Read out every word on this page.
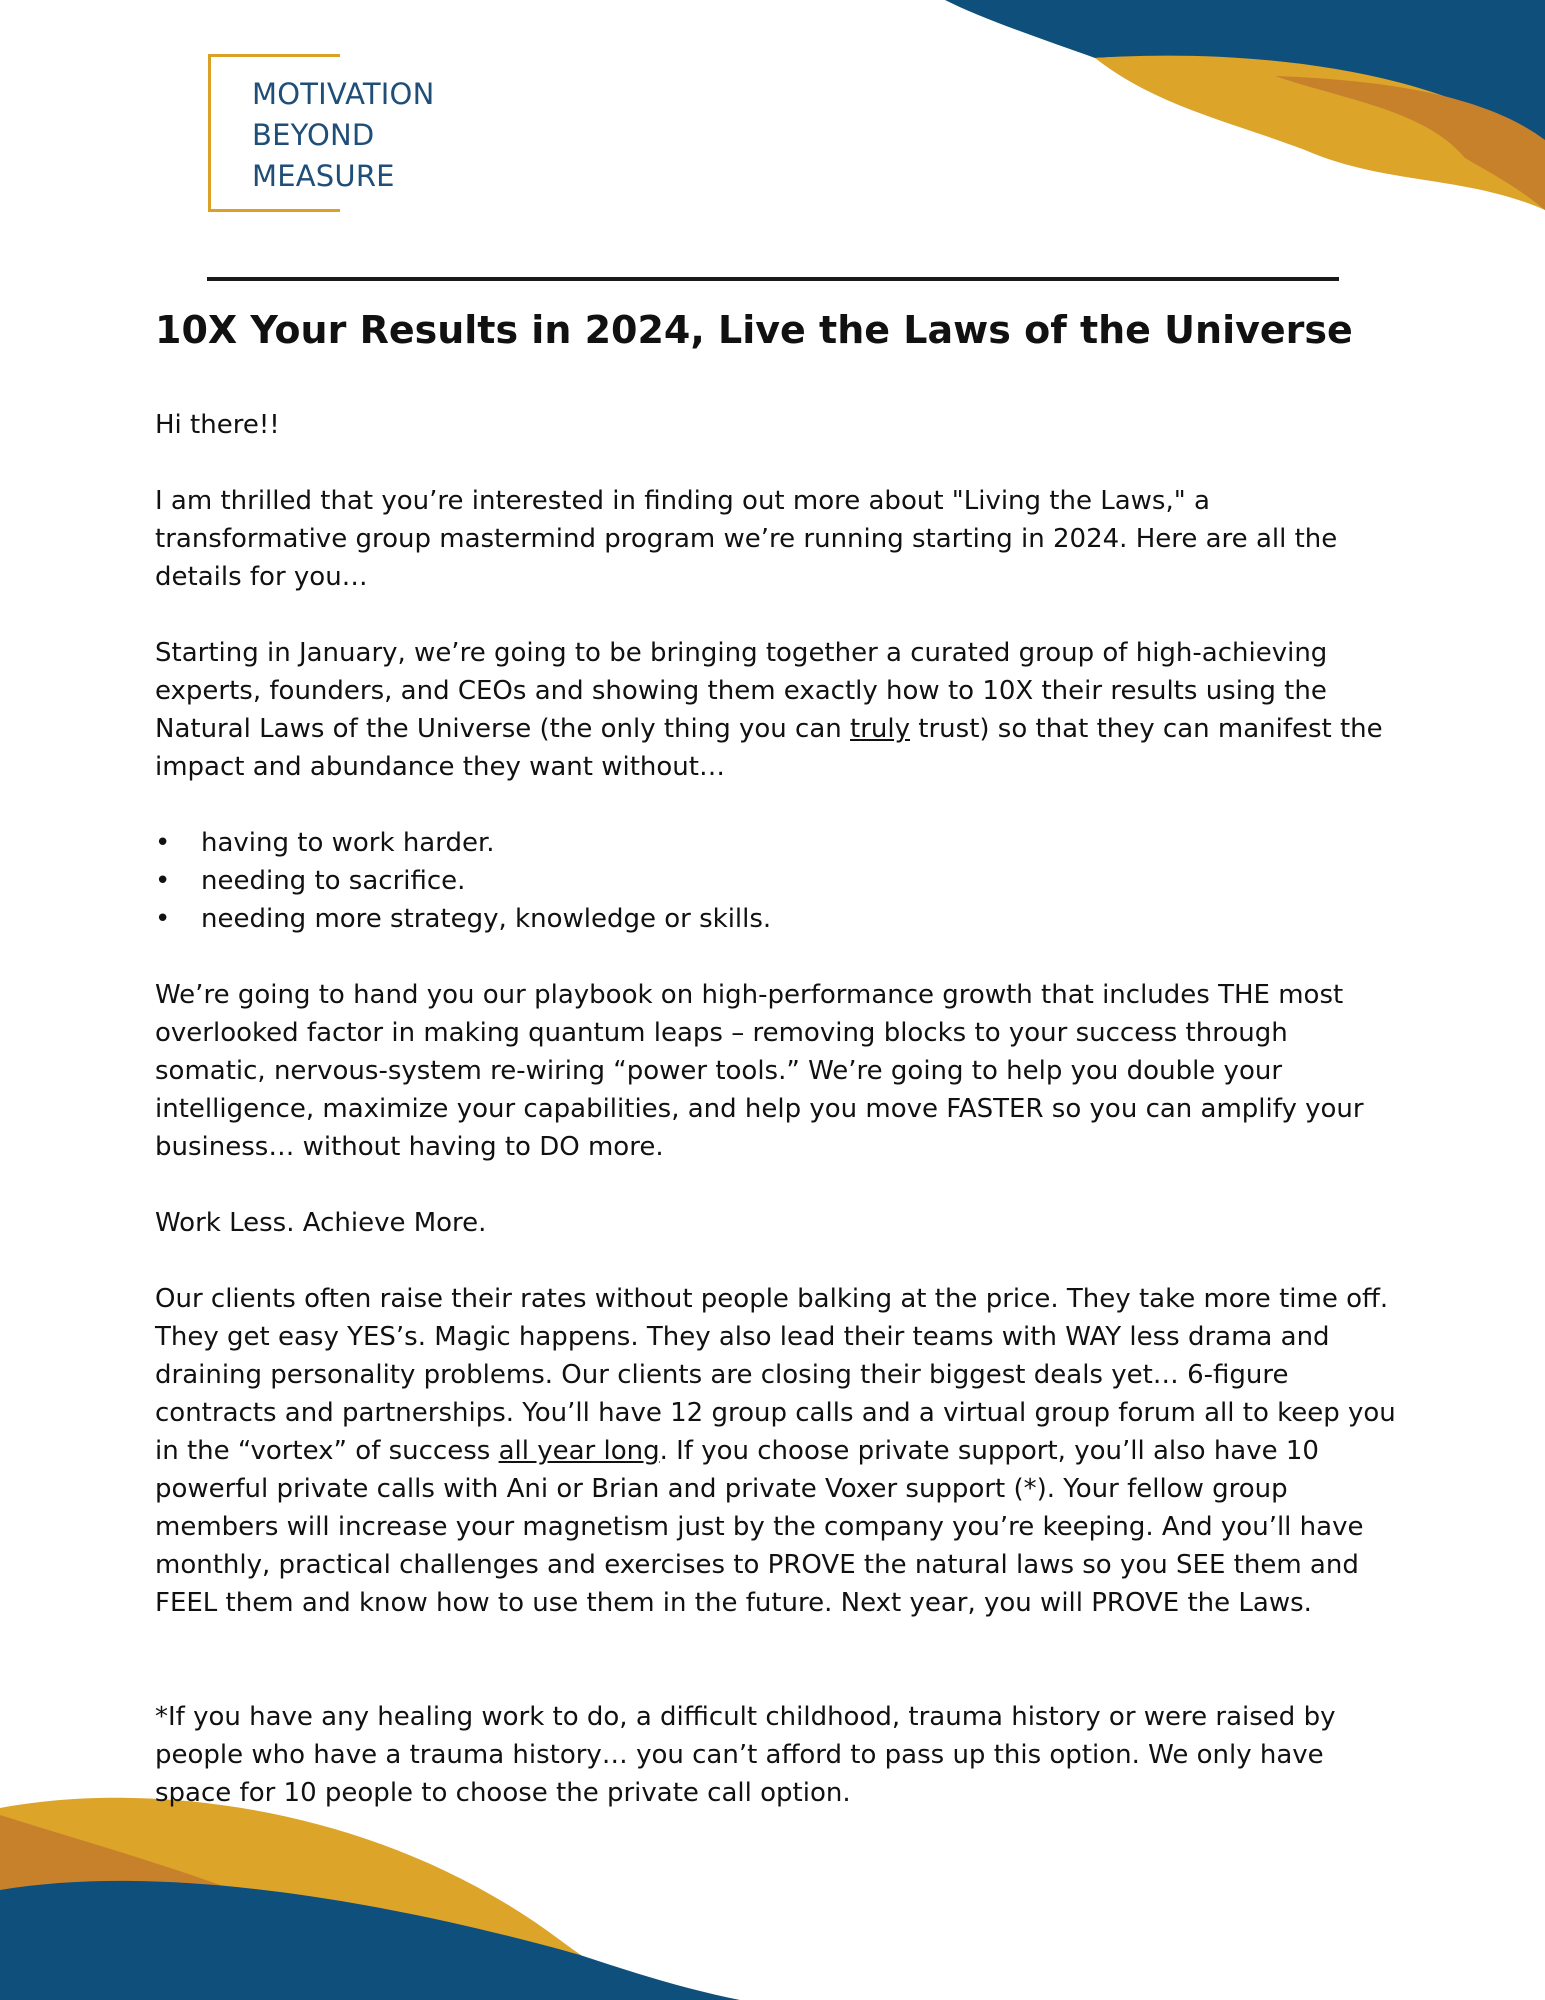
MOTIVATION
BEYOND
MEASURE
10X Your Results in 2024, Live the Laws of the Universe

Hi there!!

I am thrilled that you’re interested in finding out more about "Living the Laws," a transformative group mastermind program we’re running starting in 2024. Here are all the details for you…

Starting in January, we’re going to be bringing together a curated group of high-achieving experts, founders, and CEOs and showing them exactly how to 10X their results using the Natural Laws of the Universe (the only thing you can truly trust) so that they can manifest the impact and abundance they want without…

• having to work harder.
• needing to sacrifice.
• needing more strategy, knowledge or skills.

We’re going to hand you our playbook on high-performance growth that includes THE most overlooked factor in making quantum leaps – removing blocks to your success through somatic, nervous-system re-wiring “power tools.” We’re going to help you double your intelligence, maximize your capabilities, and help you move FASTER so you can amplify your business… without having to DO more.

Work Less. Achieve More.

Our clients often raise their rates without people balking at the price. They take more time off. They get easy YES’s. Magic happens. They also lead their teams with WAY less drama and draining personality problems. Our clients are closing their biggest deals yet… 6-figure contracts and partnerships. You’ll have 12 group calls and a virtual group forum all to keep you in the “vortex” of success all year long. If you choose private support, you’ll also have 10 powerful private calls with Ani or Brian and private Voxer support (*). Your fellow group members will increase your magnetism just by the company you’re keeping. And you’ll have monthly, practical challenges and exercises to PROVE the natural laws so you SEE them and FEEL them and know how to use them in the future. Next year, you will PROVE the Laws.

*If you have any healing work to do, a difficult childhood, trauma history or were raised by people who have a trauma history… you can’t afford to pass up this option. We only have space for 10 people to choose the private call option.
